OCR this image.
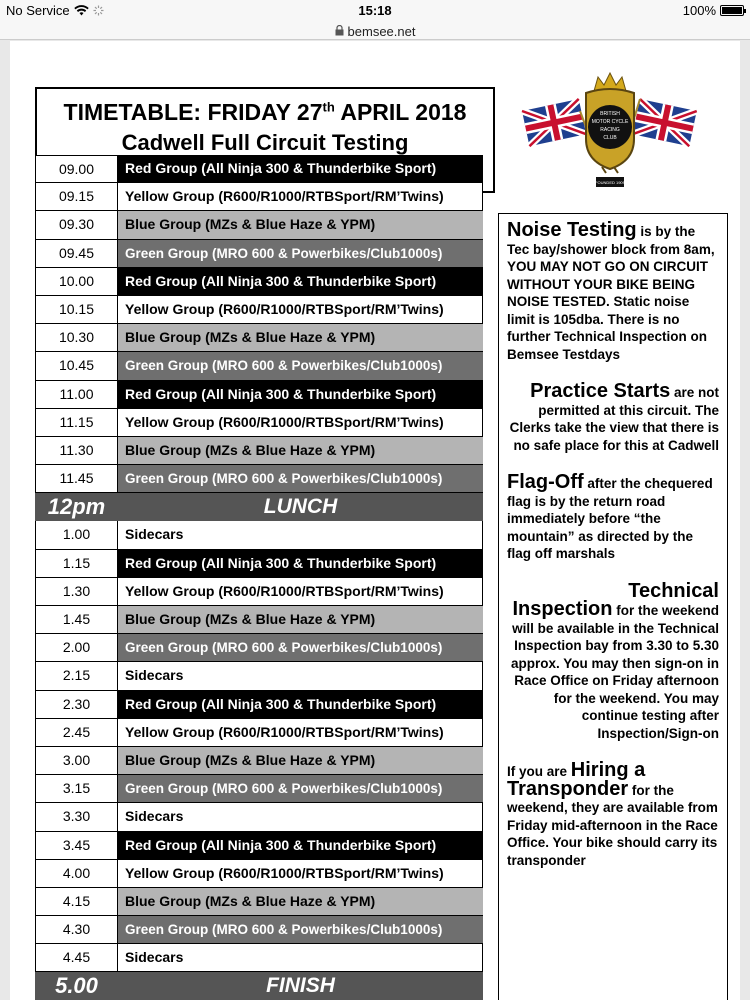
No Service	15:18	100%
bemsee.net
TIMETABLE: FRIDAY 27th APRIL 2018
Cadwell Full Circuit Testing
BRITISH
MOTOR CYCLE
RACING
CLUB
FOUNDED 1909
09.00	Red Group (All Ninja 300 & Thunderbike Sport)
09.15	Yellow Group (R600/R1000/RTBSport/RM’Twins)
09.30	Blue Group (MZs & Blue Haze & YPM)
09.45	Green Group (MRO 600 & Powerbikes/Club1000s)
10.00	Red Group (All Ninja 300 & Thunderbike Sport)
10.15	Yellow Group (R600/R1000/RTBSport/RM’Twins)
10.30	Blue Group (MZs & Blue Haze & YPM)
10.45	Green Group (MRO 600 & Powerbikes/Club1000s)
11.00	Red Group (All Ninja 300 & Thunderbike Sport)
11.15	Yellow Group (R600/R1000/RTBSport/RM’Twins)
11.30	Blue Group (MZs & Blue Haze & YPM)
11.45	Green Group (MRO 600 & Powerbikes/Club1000s)
12pm	LUNCH
1.00	Sidecars
1.15	Red Group (All Ninja 300 & Thunderbike Sport)
1.30	Yellow Group (R600/R1000/RTBSport/RM’Twins)
1.45	Blue Group (MZs & Blue Haze & YPM)
2.00	Green Group (MRO 600 & Powerbikes/Club1000s)
2.15	Sidecars
2.30	Red Group (All Ninja 300 & Thunderbike Sport)
2.45	Yellow Group (R600/R1000/RTBSport/RM’Twins)
3.00	Blue Group (MZs & Blue Haze & YPM)
3.15	Green Group (MRO 600 & Powerbikes/Club1000s)
3.30	Sidecars
3.45	Red Group (All Ninja 300 & Thunderbike Sport)
4.00	Yellow Group (R600/R1000/RTBSport/RM’Twins)
4.15	Blue Group (MZs & Blue Haze & YPM)
4.30	Green Group (MRO 600 & Powerbikes/Club1000s)
4.45	Sidecars
5.00	FINISH

Noise Testing is by the Tec bay/shower block from 8am, YOU MAY NOT GO ON CIRCUIT WITHOUT YOUR BIKE BEING NOISE TESTED. Static noise limit is 105dba. There is no further Technical Inspection on Bemsee Testdays

Practice Starts are not permitted at this circuit. The Clerks take the view that there is no safe place for this at Cadwell

Flag-Off after the chequered flag is by the return road immediately before “the mountain” as directed by the flag off marshals

Technical
Inspection for the weekend will be available in the Technical Inspection bay from 3.30 to 5.30 approx. You may then sign-on in Race Office on Friday afternoon for the weekend. You may continue testing after Inspection/Sign-on

If you are Hiring a
Transponder for the weekend, they are available from Friday mid-afternoon in the Race Office. Your bike should carry its transponder
